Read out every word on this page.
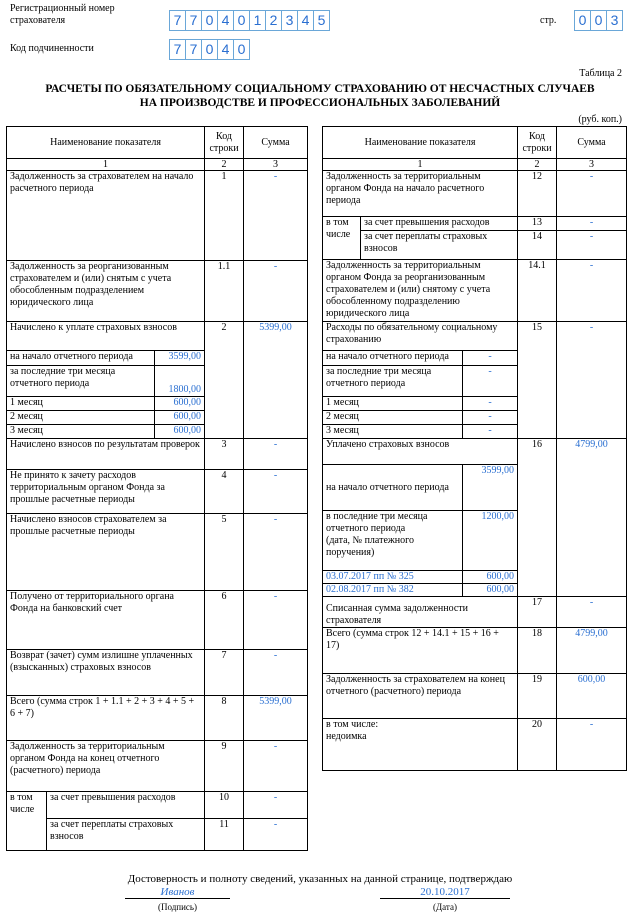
Регистрационный номер
страхователя	7 7 0 4 0 1 2 3 4 5	стр.	0 0 3
Код подчиненности	7 7 0 4 0
Таблица 2
РАСЧЕТЫ ПО ОБЯЗАТЕЛЬНОМУ СОЦИАЛЬНОМУ СТРАХОВАНИЮ ОТ НЕСЧАСТНЫХ СЛУЧАЕВ
НА ПРОИЗВОДСТВЕ И ПРОФЕССИОНАЛЬНЫХ ЗАБОЛЕВАНИЙ
(руб. коп.)
Наименование показателя			Код
строки	Сумма
1			2	3
Задолженность за страхователем на начало расчетного периода			1	-
Задолженность за реорганизованным страхователем и (или) снятым с учета обособленным подразделением юридического лица			1.1	-
Начислено к уплате страховых взносов			2	5399,00
на начало отчетного периода		3599,00		

за последние три месяца
отчетного периода		1800,00		
1 месяц		600,00		
2 месяц		600,00		
3 месяц		600,00		
Начислено взносов по результатам проверок			3	-
Не принято к зачету расходов территориальным органом Фонда за прошлые расчетные периоды			4	-
Начислено взносов страхователем за прошлые расчетные периоды			5	-
Получено от территориального органа Фонда на банковский счет			6	-
Возврат (зачет) сумм излишне уплаченных (взысканных) страховых взносов			7	-
Всего (сумма строк 1 + 1.1 + 2 + 3 + 4 + 5 + 6 + 7)			8	5399,00
Задолженность за территориальным органом Фонда на конец отчетного (расчетного) периода			9	-

в том
числе	за счет превышения расходов		10	-
	за счет переплаты страховых взносов		11	-
Наименование показателя			Код
строки	Сумма
1			2	3
Задолженность за территориальным органом Фонда на начало расчетного периода			12	-

в том
числе	за счет превышения расходов		13	-
	за счет переплаты страховых взносов		14	-
Задолженность за территориальным органом Фонда за реорганизованным страхователем и (или) снятому с учета обособленному подразделению юридического лица			14.1	-
Расходы по обязательному социальному страхованию			15	-
на начало отчетного периода		-		

за последние три месяца
отчетного периода		-		
1 месяц		-		
2 месяц		-		
3 месяц		-		
Уплачено страховых взносов			16	4799,00
на начало отчетного периода		3599,00		

в последние три месяца
отчетного периода
(дата, № платежного
поручения)		1200,00		
03.07.2017 пп № 325		600,00		
02.08.2017 пп № 382		600,00		
Списанная сумма задолженности страхователя			17	-
Всего (сумма строк 12 + 14.1 + 15 + 16 + 17)			18	4799,00
Задолженность за страхователем на конец отчетного (расчетного) периода			19	600,00

в том числе:
недоимка			20	-
Достоверность и полноту сведений, указанных на данной странице, подтверждаю
Иванов
(Подпись)
20.10.2017
(Дата)
